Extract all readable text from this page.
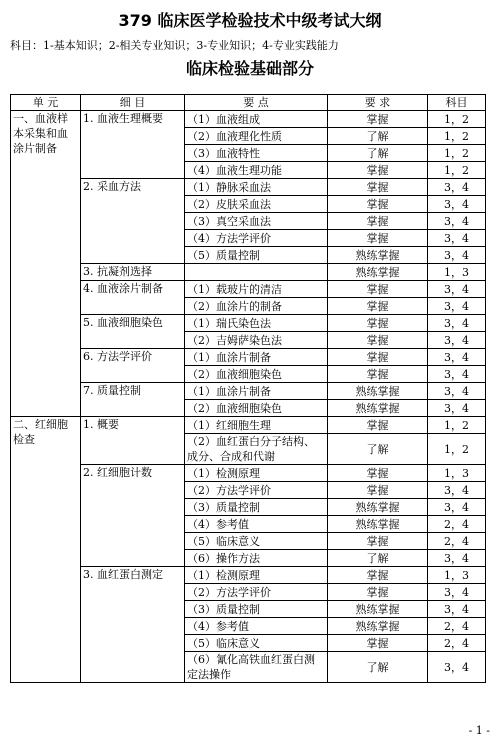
379 临床医学检验技术中级考试大纲
科目：1-基本知识；2-相关专业知识；3-专业知识；4-专业实践能力
临床检验基础部分
单 元	细 目	要 点	要 求	科目
一、血液样本采集和血涂片制备	1. 血液生理概要	（1）血液组成	掌握	1，2
		（2）血液理化性质	了解	1，2
		（3）血液特性	了解	1，2
		（4）血液生理功能	掌握	1，2
	2. 采血方法	（1）静脉采血法	掌握	3，4
		（2）皮肤采血法	掌握	3，4
		（3）真空采血法	掌握	3，4
		（4）方法学评价	掌握	3，4
		（5）质量控制	熟练掌握	3，4
	3. 抗凝剂选择		熟练掌握	1，3
	4. 血液涂片制备	（1）载玻片的清洁	掌握	3，4
		（2）血涂片的制备	掌握	3，4
	5. 血液细胞染色	（1）瑞氏染色法	掌握	3，4
		（2）吉姆萨染色法	掌握	3，4
	6. 方法学评价	（1）血涂片制备	掌握	3，4
		（2）血液细胞染色	掌握	3，4
	7. 质量控制	（1）血涂片制备	熟练掌握	3，4
		（2）血液细胞染色	熟练掌握	3，4
二、红细胞检查	1. 概要	（1）红细胞生理	掌握	1，2
		（2）血红蛋白分子结构、成分、合成和代谢	了解	1，2
	2. 红细胞计数	（1）检测原理	掌握	1，3
		（2）方法学评价	掌握	3，4
		（3）质量控制	熟练掌握	3，4
		（4）参考值	熟练掌握	2，4
		（5）临床意义	掌握	2，4
		（6）操作方法	了解	3，4
	3. 血红蛋白测定	（1）检测原理	掌握	1，3
		（2）方法学评价	掌握	3，4
		（3）质量控制	熟练掌握	3，4
		（4）参考值	熟练掌握	2，4
		（5）临床意义	掌握	2，4
		（6）氰化高铁血红蛋白测定法操作	了解	3，4
- 1 -
